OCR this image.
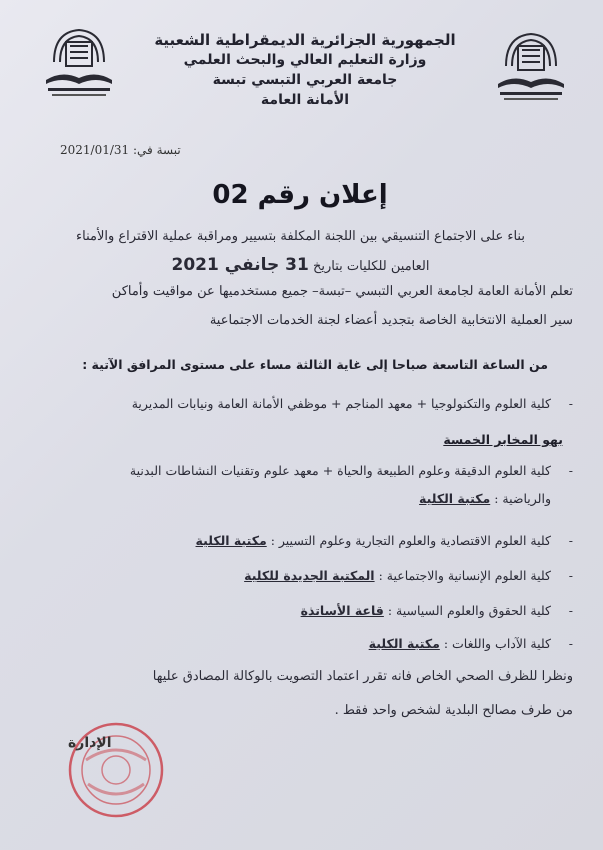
الجمهورية الجزائرية الديمقراطية الشعبية
وزارة التعليم العالي والبحث العلمي
جامعة العربي التبسي تبسة
الأمانة العامة
تبسة في: 2021/01/31
إعلان رقم 02

بناء على الاجتماع التنسيقي بين اللجنة المكلفة بتسيير ومراقبة عملية الاقتراع والأمناء

العامين للكليات بتاريخ 31 جانفي 2021

تعلم الأمانة العامة لجامعة العربي التبسي –تبسة– جميع مستخدميها عن مواقيت وأماكن

سير العملية الانتخابية الخاصة بتجديد أعضاء لجنة الخدمات الاجتماعية

من الساعة التاسعة صباحا إلى غاية الثالثة مساء على مستوى المرافق الآتية :
-كلية العلوم والتكنولوجيا + معهد المناجم + موظفي الأمانة العامة ونيابات المديرية
بهو المخابر الخمسة
-كلية العلوم الدقيقة وعلوم الطبيعة والحياة + معهد علوم وتقنيات النشاطات البدنية
والرياضية : مكتبة الكلية
-كلية العلوم الاقتصادية والعلوم التجارية وعلوم التسيير : مكتبة الكلية
-كلية العلوم الإنسانية والاجتماعية : المكتبة الجديدة للكلية
-كلية الحقوق والعلوم السياسية : قاعة الأساتذة
-كلية الآداب واللغات : مكتبة الكلية

ونظرا للظرف الصحي الخاص فانه تقرر اعتماد التصويت بالوكالة المصادق عليها

من طرف مصالح البلدية لشخص واحد فقط .

الإدارة
